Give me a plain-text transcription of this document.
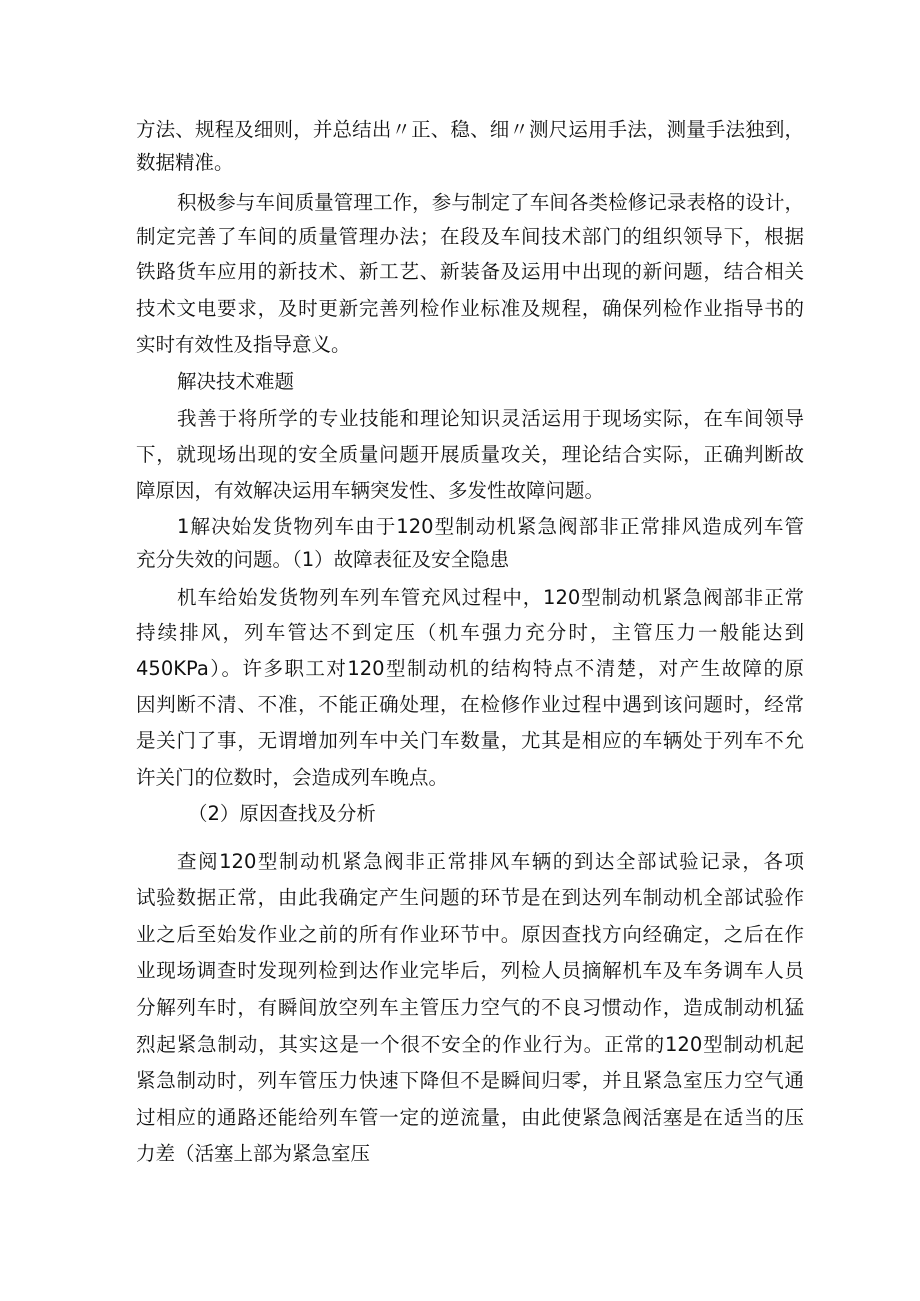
方法、规程及细则，并总结出〃正、稳、细〃测尺运用手法，测量手法独到，
数据精准。
积极参与车间质量管理工作，参与制定了车间各类检修记录表格的设计，
制定完善了车间的质量管理办法；在段及车间技术部门的组织领导下，根据
铁路货车应用的新技术、新工艺、新装备及运用中出现的新问题，结合相关
技术文电要求，及时更新完善列检作业标准及规程，确保列检作业指导书的
实时有效性及指导意义。
解决技术难题
我善于将所学的专业技能和理论知识灵活运用于现场实际，在车间领导
下，就现场出现的安全质量问题开展质量攻关，理论结合实际，正确判断故
障原因，有效解决运用车辆突发性、多发性故障问题。
1解决始发货物列车由于120型制动机紧急阀部非正常排风造成列车管
充分失效的问题。（1）故障表征及安全隐患
机车给始发货物列车列车管充风过程中，120型制动机紧急阀部非正常
持续排风，列车管达不到定压（机车强力充分时，主管压力一般能达到
450KPa）。许多职工对120型制动机的结构特点不清楚，对产生故障的原
因判断不清、不准，不能正确处理，在检修作业过程中遇到该问题时，经常
是关门了事，无谓增加列车中关门车数量，尤其是相应的车辆处于列车不允
许关门的位数时，会造成列车晚点。
（2）原因查找及分析
查阅120型制动机紧急阀非正常排风车辆的到达全部试验记录，各项
试验数据正常，由此我确定产生问题的环节是在到达列车制动机全部试验作
业之后至始发作业之前的所有作业环节中。原因查找方向经确定，之后在作
业现场调查时发现列检到达作业完毕后，列检人员摘解机车及车务调车人员
分解列车时，有瞬间放空列车主管压力空气的不良习惯动作，造成制动机猛
烈起紧急制动，其实这是一个很不安全的作业行为。正常的120型制动机起
紧急制动时，列车管压力快速下降但不是瞬间归零，并且紧急室压力空气通
过相应的通路还能给列车管一定的逆流量，由此使紧急阀活塞是在适当的压
力差（活塞上部为紧急室压
